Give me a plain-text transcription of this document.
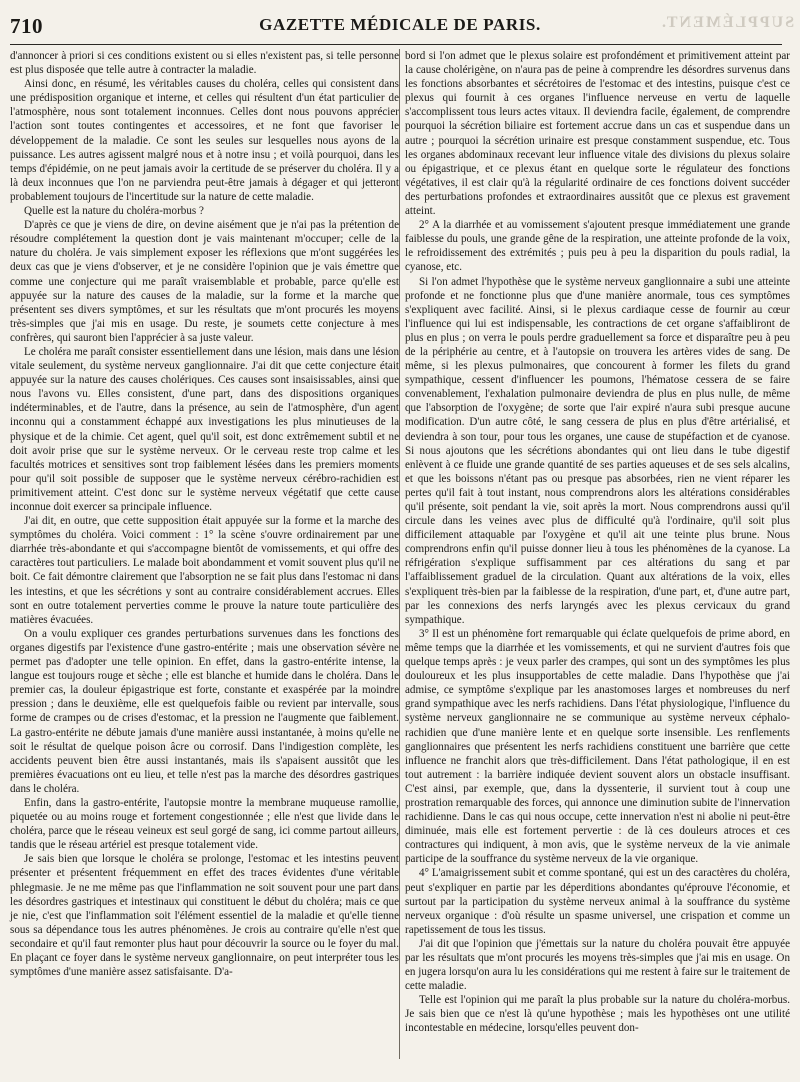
710	GAZETTE MÉDICALE DE PARIS.	SUPPLÉMENT.

d'annoncer à priori si ces conditions existent ou si elles n'existent pas, si telle personne est plus disposée que telle autre à contracter la maladie.

Ainsi donc, en résumé, les véritables causes du choléra, celles qui consistent dans une prédisposition organique et interne, et celles qui résultent d'un état particulier de l'atmosphère, nous sont totalement inconnues. Celles dont nous pouvons apprécier l'action sont toutes contingentes et accessoires, et ne font que favoriser le développement de la maladie. Ce sont les seules sur lesquelles nous ayons de la puissance. Les autres agissent malgré nous et à notre insu ; et voilà pourquoi, dans les temps d'épidémie, on ne peut jamais avoir la certitude de se préserver du choléra. Il y a là deux inconnues que l'on ne parviendra peut-être jamais à dégager et qui jetteront probablement toujours de l'incertitude sur la nature de cette maladie.

Quelle est la nature du choléra-morbus ?

D'après ce que je viens de dire, on devine aisément que je n'ai pas la prétention de résoudre complétement la question dont je vais maintenant m'occuper; celle de la nature du choléra. Je vais simplement exposer les réflexions que m'ont suggérées les deux cas que je viens d'observer, et je ne considère l'opinion que je vais émettre que comme une conjecture qui me paraît vraisemblable et probable, parce qu'elle est appuyée sur la nature des causes de la maladie, sur la forme et la marche que présentent ses divers symptômes, et sur les résultats que m'ont procurés les moyens très-simples que j'ai mis en usage. Du reste, je soumets cette conjecture à mes confrères, qui sauront bien l'apprécier à sa juste valeur.

Le choléra me paraît consister essentiellement dans une lésion, mais dans une lésion vitale seulement, du système nerveux ganglionnaire. J'ai dit que cette conjecture était appuyée sur la nature des causes cholériques. Ces causes sont insaisissables, ainsi que nous l'avons vu. Elles consistent, d'une part, dans des dispositions organiques indéterminables, et de l'autre, dans la présence, au sein de l'atmosphère, d'un agent inconnu qui a constamment échappé aux investigations les plus minutieuses de la physique et de la chimie. Cet agent, quel qu'il soit, est donc extrêmement subtil et ne doit avoir prise que sur le système nerveux. Or le cerveau reste trop calme et les facultés motrices et sensitives sont trop faiblement lésées dans les premiers moments pour qu'il soit possible de supposer que le système nerveux cérébro-rachidien est primitivement atteint. C'est donc sur le système nerveux végétatif que cette cause inconnue doit exercer sa principale influence.

J'ai dit, en outre, que cette supposition était appuyée sur la forme et la marche des symptômes du choléra. Voici comment : 1° la scène s'ouvre ordinairement par une diarrhée très-abondante et qui s'accompagne bientôt de vomissements, et qui offre des caractères tout particuliers. Le malade boit abondamment et vomit souvent plus qu'il ne boit. Ce fait démontre clairement que l'absorption ne se fait plus dans l'estomac ni dans les intestins, et que les sécrétions y sont au contraire considérablement accrues. Elles sont en outre totalement perverties comme le prouve la nature toute particulière des matières évacuées.

On a voulu expliquer ces grandes perturbations survenues dans les fonctions des organes digestifs par l'existence d'une gastro-entérite ; mais une observation sévère ne permet pas d'adopter une telle opinion. En effet, dans la gastro-entérite intense, la langue est toujours rouge et sèche ; elle est blanche et humide dans le choléra. Dans le premier cas, la douleur épigastrique est forte, constante et exaspérée par la moindre pression ; dans le deuxième, elle est quelquefois faible ou revient par intervalle, sous forme de crampes ou de crises d'estomac, et la pression ne l'augmente que faiblement. La gastro-entérite ne débute jamais d'une manière aussi instantanée, à moins qu'elle ne soit le résultat de quelque poison âcre ou corrosif. Dans l'indigestion complète, les accidents peuvent bien être aussi instantanés, mais ils s'apaisent aussitôt que les premières évacuations ont eu lieu, et telle n'est pas la marche des désordres gastriques dans le choléra.

Enfin, dans la gastro-entérite, l'autopsie montre la membrane muqueuse ramollie, piquetée ou au moins rouge et fortement congestionnée ; elle n'est que livide dans le choléra, parce que le réseau veineux est seul gorgé de sang, ici comme partout ailleurs, tandis que le réseau artériel est presque totalement vide.

Je sais bien que lorsque le choléra se prolonge, l'estomac et les intestins peuvent présenter et présentent fréquemment en effet des traces évidentes d'une véritable phlegmasie. Je ne me même pas que l'inflammation ne soit souvent pour une part dans les désordres gastriques et intestinaux qui constituent le début du choléra; mais ce que je nie, c'est que l'inflammation soit l'élément essentiel de la maladie et qu'elle tienne sous sa dépendance tous les autres phénomènes. Je crois au contraire qu'elle n'est que secondaire et qu'il faut remonter plus haut pour découvrir la source ou le foyer du mal. En plaçant ce foyer dans le système nerveux ganglionnaire, on peut interpréter tous les symptômes d'une manière assez satisfaisante. D'a-

bord si l'on admet que le plexus solaire est profondément et primitivement atteint par la cause cholérigène, on n'aura pas de peine à comprendre les désordres survenus dans les fonctions absorbantes et sécrétoires de l'estomac et des intestins, puisque c'est ce plexus qui fournit à ces organes l'influence nerveuse en vertu de laquelle s'accomplissent tous leurs actes vitaux. Il deviendra facile, également, de comprendre pourquoi la sécrétion biliaire est fortement accrue dans un cas et suspendue dans un autre ; pourquoi la sécrétion urinaire est presque constamment suspendue, etc. Tous les organes abdominaux recevant leur influence vitale des divisions du plexus solaire ou épigastrique, et ce plexus étant en quelque sorte le régulateur des fonctions végétatives, il est clair qu'à la régularité ordinaire de ces fonctions doivent succéder des perturbations profondes et extraordinaires aussitôt que ce plexus est gravement atteint.

2° A la diarrhée et au vomissement s'ajoutent presque immédiatement une grande faiblesse du pouls, une grande gêne de la respiration, une atteinte profonde de la voix, le refroidissement des extrémités ; puis peu à peu la disparition du pouls radial, la cyanose, etc.

Si l'on admet l'hypothèse que le système nerveux ganglionnaire a subi une atteinte profonde et ne fonctionne plus que d'une manière anormale, tous ces symptômes s'expliquent avec facilité. Ainsi, si le plexus cardiaque cesse de fournir au cœur l'influence qui lui est indispensable, les contractions de cet organe s'affaibliront de plus en plus ; on verra le pouls perdre graduellement sa force et disparaître peu à peu de la périphérie au centre, et à l'autopsie on trouvera les artères vides de sang. De même, si les plexus pulmonaires, que concourent à former les filets du grand sympathique, cessent d'influencer les poumons, l'hématose cessera de se faire convenablement, l'exhalation pulmonaire deviendra de plus en plus nulle, de même que l'absorption de l'oxygène; de sorte que l'air expiré n'aura subi presque aucune modification. D'un autre côté, le sang cessera de plus en plus d'être artérialisé, et deviendra à son tour, pour tous les organes, une cause de stupéfaction et de cyanose. Si nous ajoutons que les sécrétions abondantes qui ont lieu dans le tube digestif enlèvent à ce fluide une grande quantité de ses parties aqueuses et de ses sels alcalins, et que les boissons n'étant pas ou presque pas absorbées, rien ne vient réparer les pertes qu'il fait à tout instant, nous comprendrons alors les altérations considérables qu'il présente, soit pendant la vie, soit après la mort. Nous comprendrons aussi qu'il circule dans les veines avec plus de difficulté qu'à l'ordinaire, qu'il soit plus difficilement attaquable par l'oxygène et qu'il ait une teinte plus brune. Nous comprendrons enfin qu'il puisse donner lieu à tous les phénomènes de la cyanose. La réfrigération s'explique suffisamment par ces altérations du sang et par l'affaiblissement graduel de la circulation. Quant aux altérations de la voix, elles s'expliquent très-bien par la faiblesse de la respiration, d'une part, et, d'une autre part, par les connexions des nerfs laryngés avec les plexus cervicaux du grand sympathique.

3° Il est un phénomène fort remarquable qui éclate quelquefois de prime abord, en même temps que la diarrhée et les vomissements, et qui ne survient d'autres fois que quelque temps après : je veux parler des crampes, qui sont un des symptômes les plus douloureux et les plus insupportables de cette maladie. Dans l'hypothèse que j'ai admise, ce symptôme s'explique par les anastomoses larges et nombreuses du nerf grand sympathique avec les nerfs rachidiens. Dans l'état physiologique, l'influence du système nerveux ganglionnaire ne se communique au système nerveux céphalo-rachidien que d'une manière lente et en quelque sorte insensible. Les renflements ganglionnaires que présentent les nerfs rachidiens constituent une barrière que cette influence ne franchit alors que très-difficilement. Dans l'état pathologique, il en est tout autrement : la barrière indiquée devient souvent alors un obstacle insuffisant. C'est ainsi, par exemple, que, dans la dyssenterie, il survient tout à coup une prostration remarquable des forces, qui annonce une diminution subite de l'innervation rachidienne. Dans le cas qui nous occupe, cette innervation n'est ni abolie ni peut-être diminuée, mais elle est fortement pervertie : de là ces douleurs atroces et ces contractures qui indiquent, à mon avis, que le système nerveux de la vie animale participe de la souffrance du système nerveux de la vie organique.

4° L'amaigrissement subit et comme spontané, qui est un des caractères du choléra, peut s'expliquer en partie par les déperditions abondantes qu'éprouve l'économie, et surtout par la participation du système nerveux animal à la souffrance du système nerveux organique : d'où résulte un spasme universel, une crispation et comme un rapetissement de tous les tissus.

J'ai dit que l'opinion que j'émettais sur la nature du choléra pouvait être appuyée par les résultats que m'ont procurés les moyens très-simples que j'ai mis en usage. On en jugera lorsqu'on aura lu les considérations qui me restent à faire sur le traitement de cette maladie.

Telle est l'opinion qui me paraît la plus probable sur la nature du choléra-morbus. Je sais bien que ce n'est là qu'une hypothèse ; mais les hypothèses ont une utilité incontestable en médecine, lorsqu'elles peuvent don-
